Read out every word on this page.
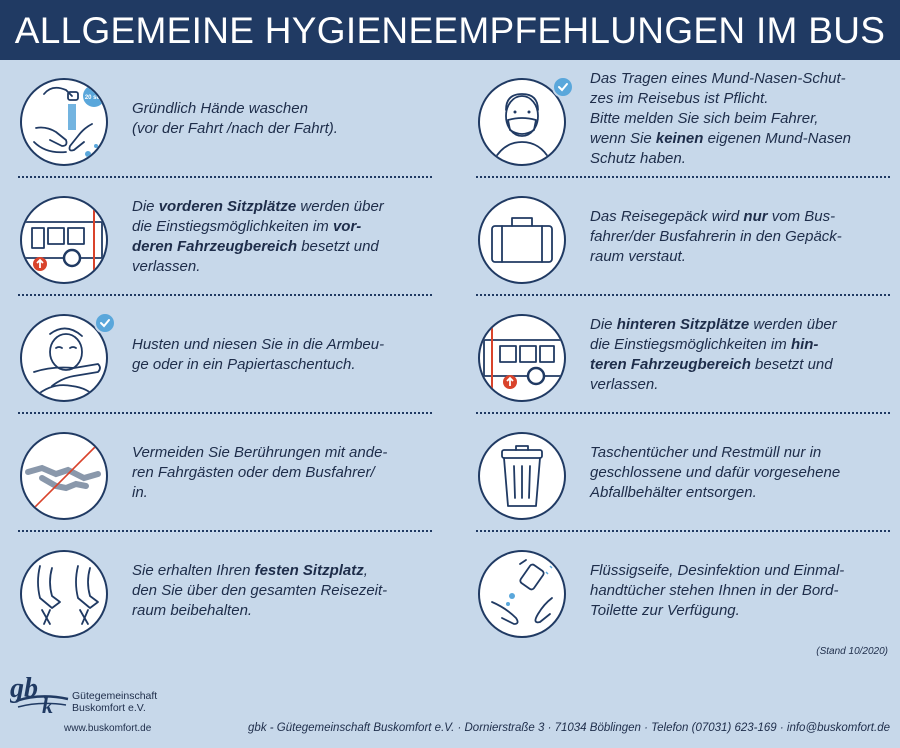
ALLGEMEINE HYGIENEEMPFEHLUNGEN IM BUS
20 sec

Gründlich Hände waschen
(vor der Fahrt /nach der Fahrt).

Die vorderen Sitzplätze werden über
die Einstiegsmöglichkeiten im vor-
deren Fahrzeugbereich besetzt und
verlassen.

Husten und niesen Sie in die Armbeu-
ge oder in ein Papiertaschentuch.

Vermeiden Sie Berührungen mit ande-
ren Fahrgästen oder dem Busfahrer/
in.

Sie erhalten Ihren festen Sitzplatz,
den Sie über den gesamten Reisezeit-
raum beibehalten.

Das Tragen eines Mund-Nasen-Schut-
zes im Reisebus ist Pflicht.
Bitte melden Sie sich beim Fahrer,
wenn Sie keinen eigenen Mund-Nasen
Schutz haben.

Das Reisegepäck wird nur vom Bus-
fahrer/der Busfahrerin in den Gepäck-
raum verstaut.

Die hinteren Sitzplätze werden über
die Einstiegsmöglichkeiten im hin-
teren Fahrzeugbereich besetzt und
verlassen.

Taschentücher und Restmüll nur in
geschlossene und dafür vorgesehene
Abfallbehälter entsorgen.

Flüssigseife, Desinfektion und Einmal-
handtücher stehen Ihnen in der Bord-
Toilette zur Verfügung.

(Stand 10/2020)
gb
k Gütegemeinschaft
Buskomfort e.V.
www.buskomfort.de	gbk - Gütegemeinschaft Buskomfort e.V. · Dornierstraße 3 · 71034 Böblingen · Telefon (07031) 623-169 · info@buskomfort.de
